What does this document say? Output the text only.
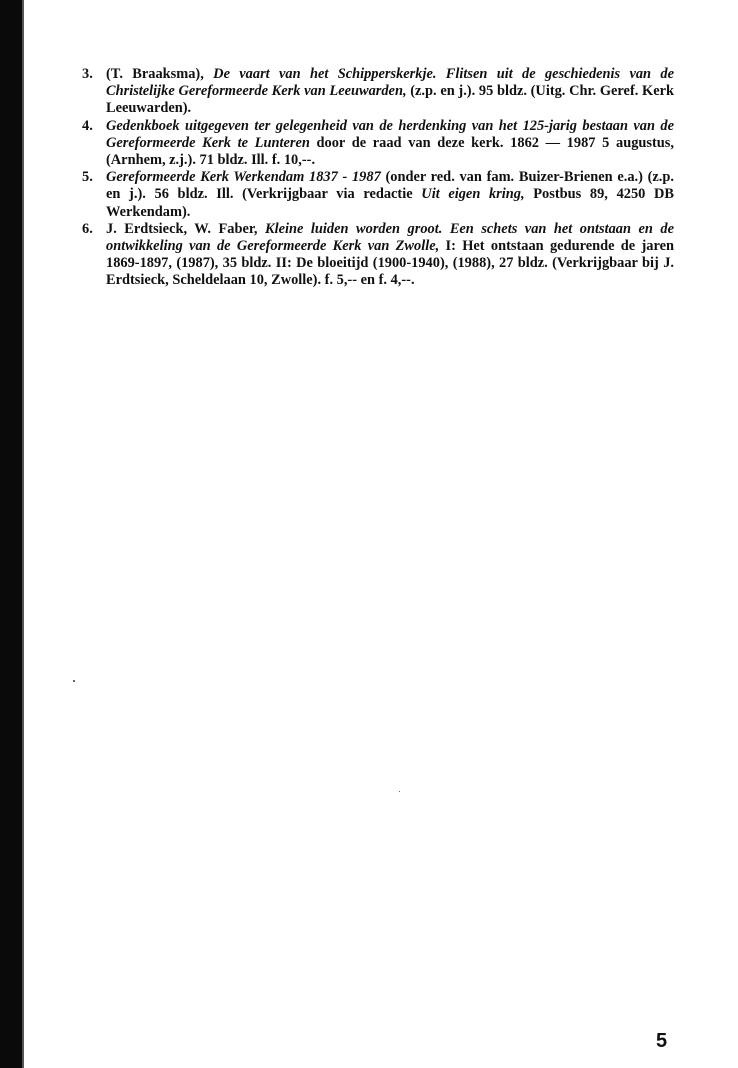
3. (T. Braaksma), De vaart van het Schipperskerkje. Flitsen uit de geschiedenis van de Christelijke Gereformeerde Kerk van Leeuwarden, (z.p. en j.). 95 bldz. (Uitg. Chr. Geref. Kerk Leeuwarden).
4. Gedenkboek uitgegeven ter gelegenheid van de herdenking van het 125-jarig bestaan van de Gereformeerde Kerk te Lunteren door de raad van deze kerk. 1862 — 1987 5 augustus, (Arnhem, z.j.). 71 bldz. Ill. f. 10,--.
5. Gereformeerde Kerk Werkendam 1837 - 1987 (onder red. van fam. Buizer-Brienen e.a.) (z.p. en j.). 56 bldz. Ill. (Verkrijgbaar via redactie Uit eigen kring, Postbus 89, 4250 DB Werkendam).
6. J. Erdtsieck, W. Faber, Kleine luiden worden groot. Een schets van het ontstaan en de ontwikkeling van de Gereformeerde Kerk van Zwolle, I: Het ontstaan gedurende de jaren 1869-1897, (1987), 35 bldz. II: De bloeitijd (1900-1940), (1988), 27 bldz. (Verkrijgbaar bij J. Erdtsieck, Scheldelaan 10, Zwolle). f. 5,-- en f. 4,--.
5
